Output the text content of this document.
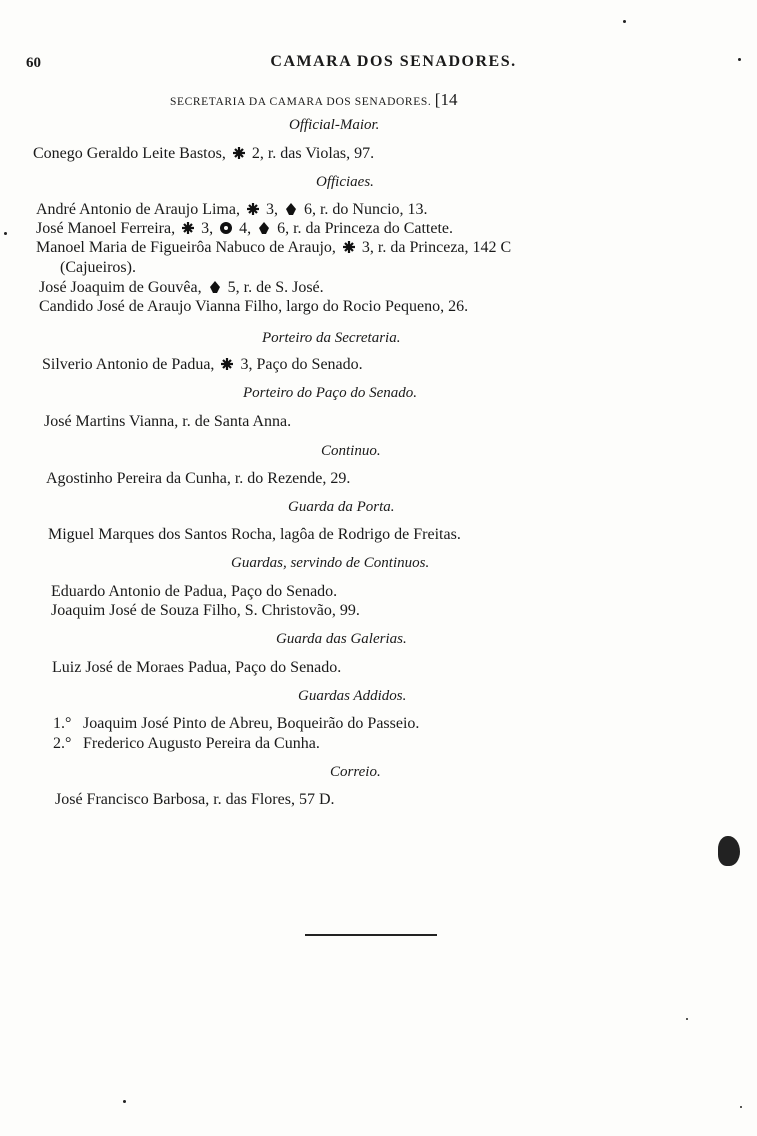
60	CAMARA DOS SENADORES.
SECRETARIA DA CAMARA DOS SENADORES. [14
Official-Maior.
Conego Geraldo Leite Bastos, 2, r. das Violas, 97.
Officiaes.
André Antonio de Araujo Lima, 3, 6, r. do Nuncio, 13.
José Manoel Ferreira, 3, 4, 6, r. da Princeza do Cattete.
Manoel Maria de Figueirôa Nabuco de Araujo, 3, r. da Princeza, 142 C
(Cajueiros).
José Joaquim de Gouvêa, 5, r. de S. José.
Candido José de Araujo Vianna Filho, largo do Rocio Pequeno, 26.
Porteiro da Secretaria.
Silverio Antonio de Padua, 3, Paço do Senado.
Porteiro do Paço do Senado.
José Martins Vianna, r. de Santa Anna.
Continuo.
Agostinho Pereira da Cunha, r. do Rezende, 29.
Guarda da Porta.
Miguel Marques dos Santos Rocha, lagôa de Rodrigo de Freitas.
Guardas, servindo de Continuos.
Eduardo Antonio de Padua, Paço do Senado.
Joaquim José de Souza Filho, S. Christovão, 99.
Guarda das Galerias.
Luiz José de Moraes Padua, Paço do Senado.
Guardas Addidos.
1.° Joaquim José Pinto de Abreu, Boqueirão do Passeio.
2.° Frederico Augusto Pereira da Cunha.
Correio.
José Francisco Barbosa, r. das Flores, 57 D.
